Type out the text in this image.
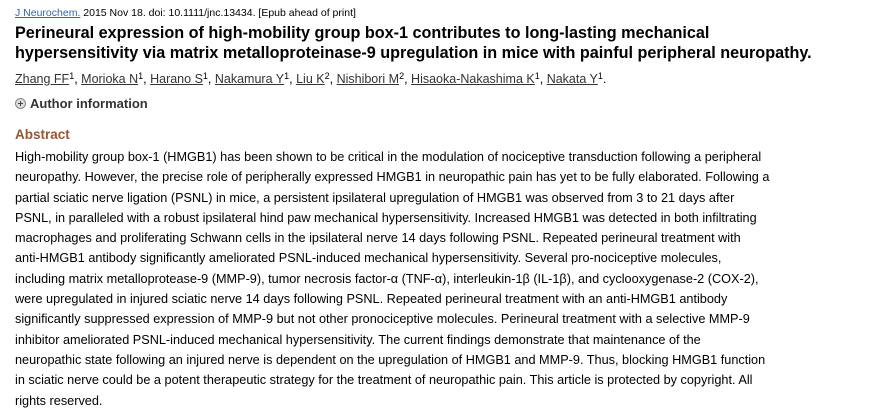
J Neurochem. 2015 Nov 18. doi: 10.1111/jnc.13434. [Epub ahead of print]
Perineural expression of high-mobility group box-1 contributes to long-lasting mechanical
hypersensitivity via matrix metalloproteinase-9 upregulation in mice with painful peripheral neuropathy.
Zhang $FF^1$, Morioka $N^1$, Harano $S^1$, Nakamura $Y^1$, Liu $K^2$, Nishibori $M^2$, Hisaoka-Nakashima $K^1$, Nakata $Y^1$.
Author information
Abstract
High-mobility group box-1 (HMGB1) has been shown to be critical in the modulation of nociceptive transduction following a peripheral
neuropathy. However, the precise role of peripherally expressed HMGB1 in neuropathic pain has yet to be fully elaborated. Following a
partial sciatic nerve ligation (PSNL) in mice, a persistent ipsilateral upregulation of HMGB1 was observed from 3 to 21 days after
PSNL, in paralleled with a robust ipsilateral hind paw mechanical hypersensitivity. Increased HMGB1 was detected in both infiltrating
macrophages and proliferating Schwann cells in the ipsilateral nerve 14 days following PSNL. Repeated perineural treatment with
anti-HMGB1 antibody significantly ameliorated PSNL-induced mechanical hypersensitivity. Several pro-nociceptive molecules,
including matrix metalloprotease-9 (MMP-9), tumor necrosis factor-α (TNF-α), interleukin-1β (IL-1β), and cyclooxygenase-2 (COX-2),
were upregulated in injured sciatic nerve 14 days following PSNL. Repeated perineural treatment with an anti-HMGB1 antibody
significantly suppressed expression of MMP-9 but not other pronociceptive molecules. Perineural treatment with a selective MMP-9
inhibitor ameliorated PSNL-induced mechanical hypersensitivity. The current findings demonstrate that maintenance of the
neuropathic state following an injured nerve is dependent on the upregulation of HMGB1 and MMP-9. Thus, blocking HMGB1 function
in sciatic nerve could be a potent therapeutic strategy for the treatment of neuropathic pain. This article is protected by copyright. All
rights reserved.
